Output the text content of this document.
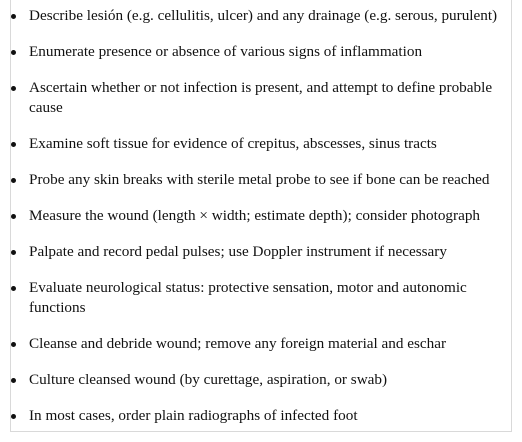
Describe lesión (e.g. cellulitis, ulcer) and any drainage (e.g. serous, purulent)
Enumerate presence or absence of various signs of inflammation
Ascertain whether or not infection is present, and attempt to define probable cause
Examine soft tissue for evidence of crepitus, abscesses, sinus tracts
Probe any skin breaks with sterile metal probe to see if bone can be reached
Measure the wound (length × width; estimate depth); consider photograph
Palpate and record pedal pulses; use Doppler instrument if necessary
Evaluate neurological status: protective sensation, motor and autonomic functions
Cleanse and debride wound; remove any foreign material and eschar
Culture cleansed wound (by curettage, aspiration, or swab)
In most cases, order plain radiographs of infected foot
